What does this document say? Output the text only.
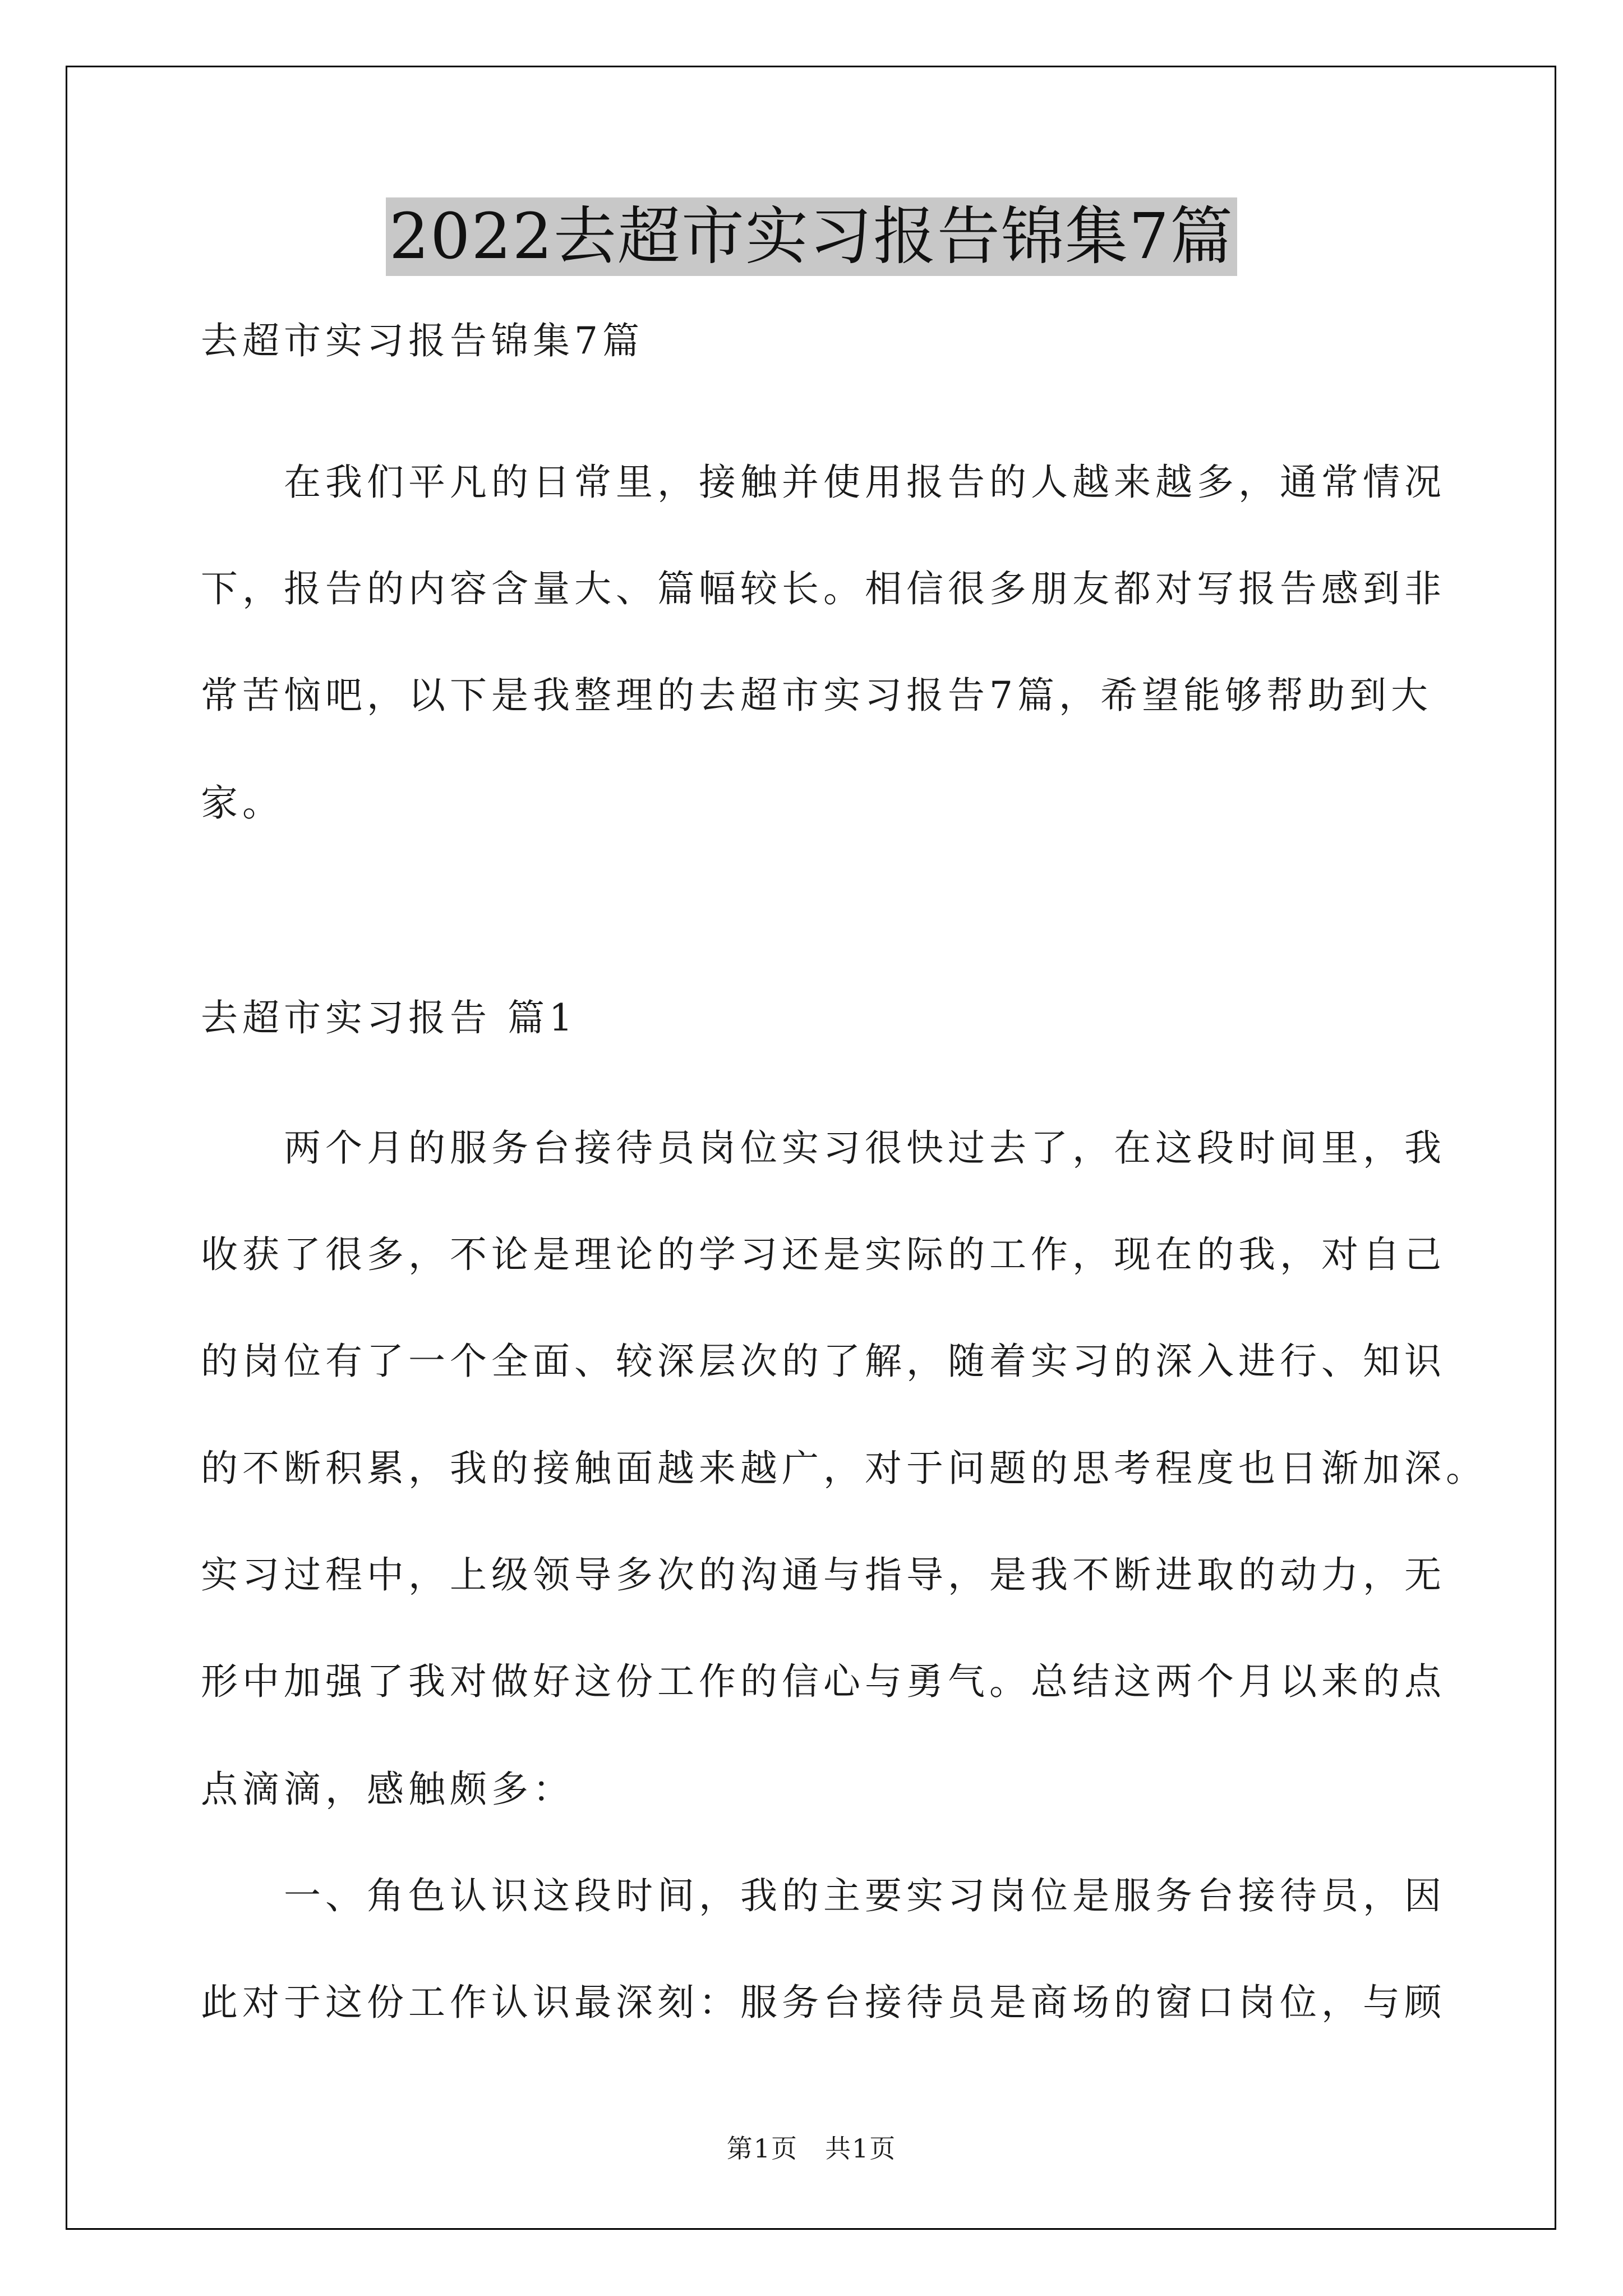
2022去超市实习报告锦集7篇
去超市实习报告锦集7篇
　　在我们平凡的日常里，接触并使用报告的人越来越多，通常情况
下，报告的内容含量大、篇幅较长。相信很多朋友都对写报告感到非
常苦恼吧，以下是我整理的去超市实习报告7篇，希望能够帮助到大
家。
去超市实习报告 篇1
　　两个月的服务台接待员岗位实习很快过去了，在这段时间里，我
收获了很多，不论是理论的学习还是实际的工作，现在的我，对自己
的岗位有了一个全面、较深层次的了解，随着实习的深入进行、知识
的不断积累，我的接触面越来越广，对于问题的思考程度也日渐加深。
实习过程中，上级领导多次的沟通与指导，是我不断进取的动力，无
形中加强了我对做好这份工作的信心与勇气。总结这两个月以来的点
点滴滴，感触颇多：
　　一、角色认识这段时间，我的主要实习岗位是服务台接待员，因
此对于这份工作认识最深刻：服务台接待员是商场的窗口岗位，与顾
第1页　共1页
